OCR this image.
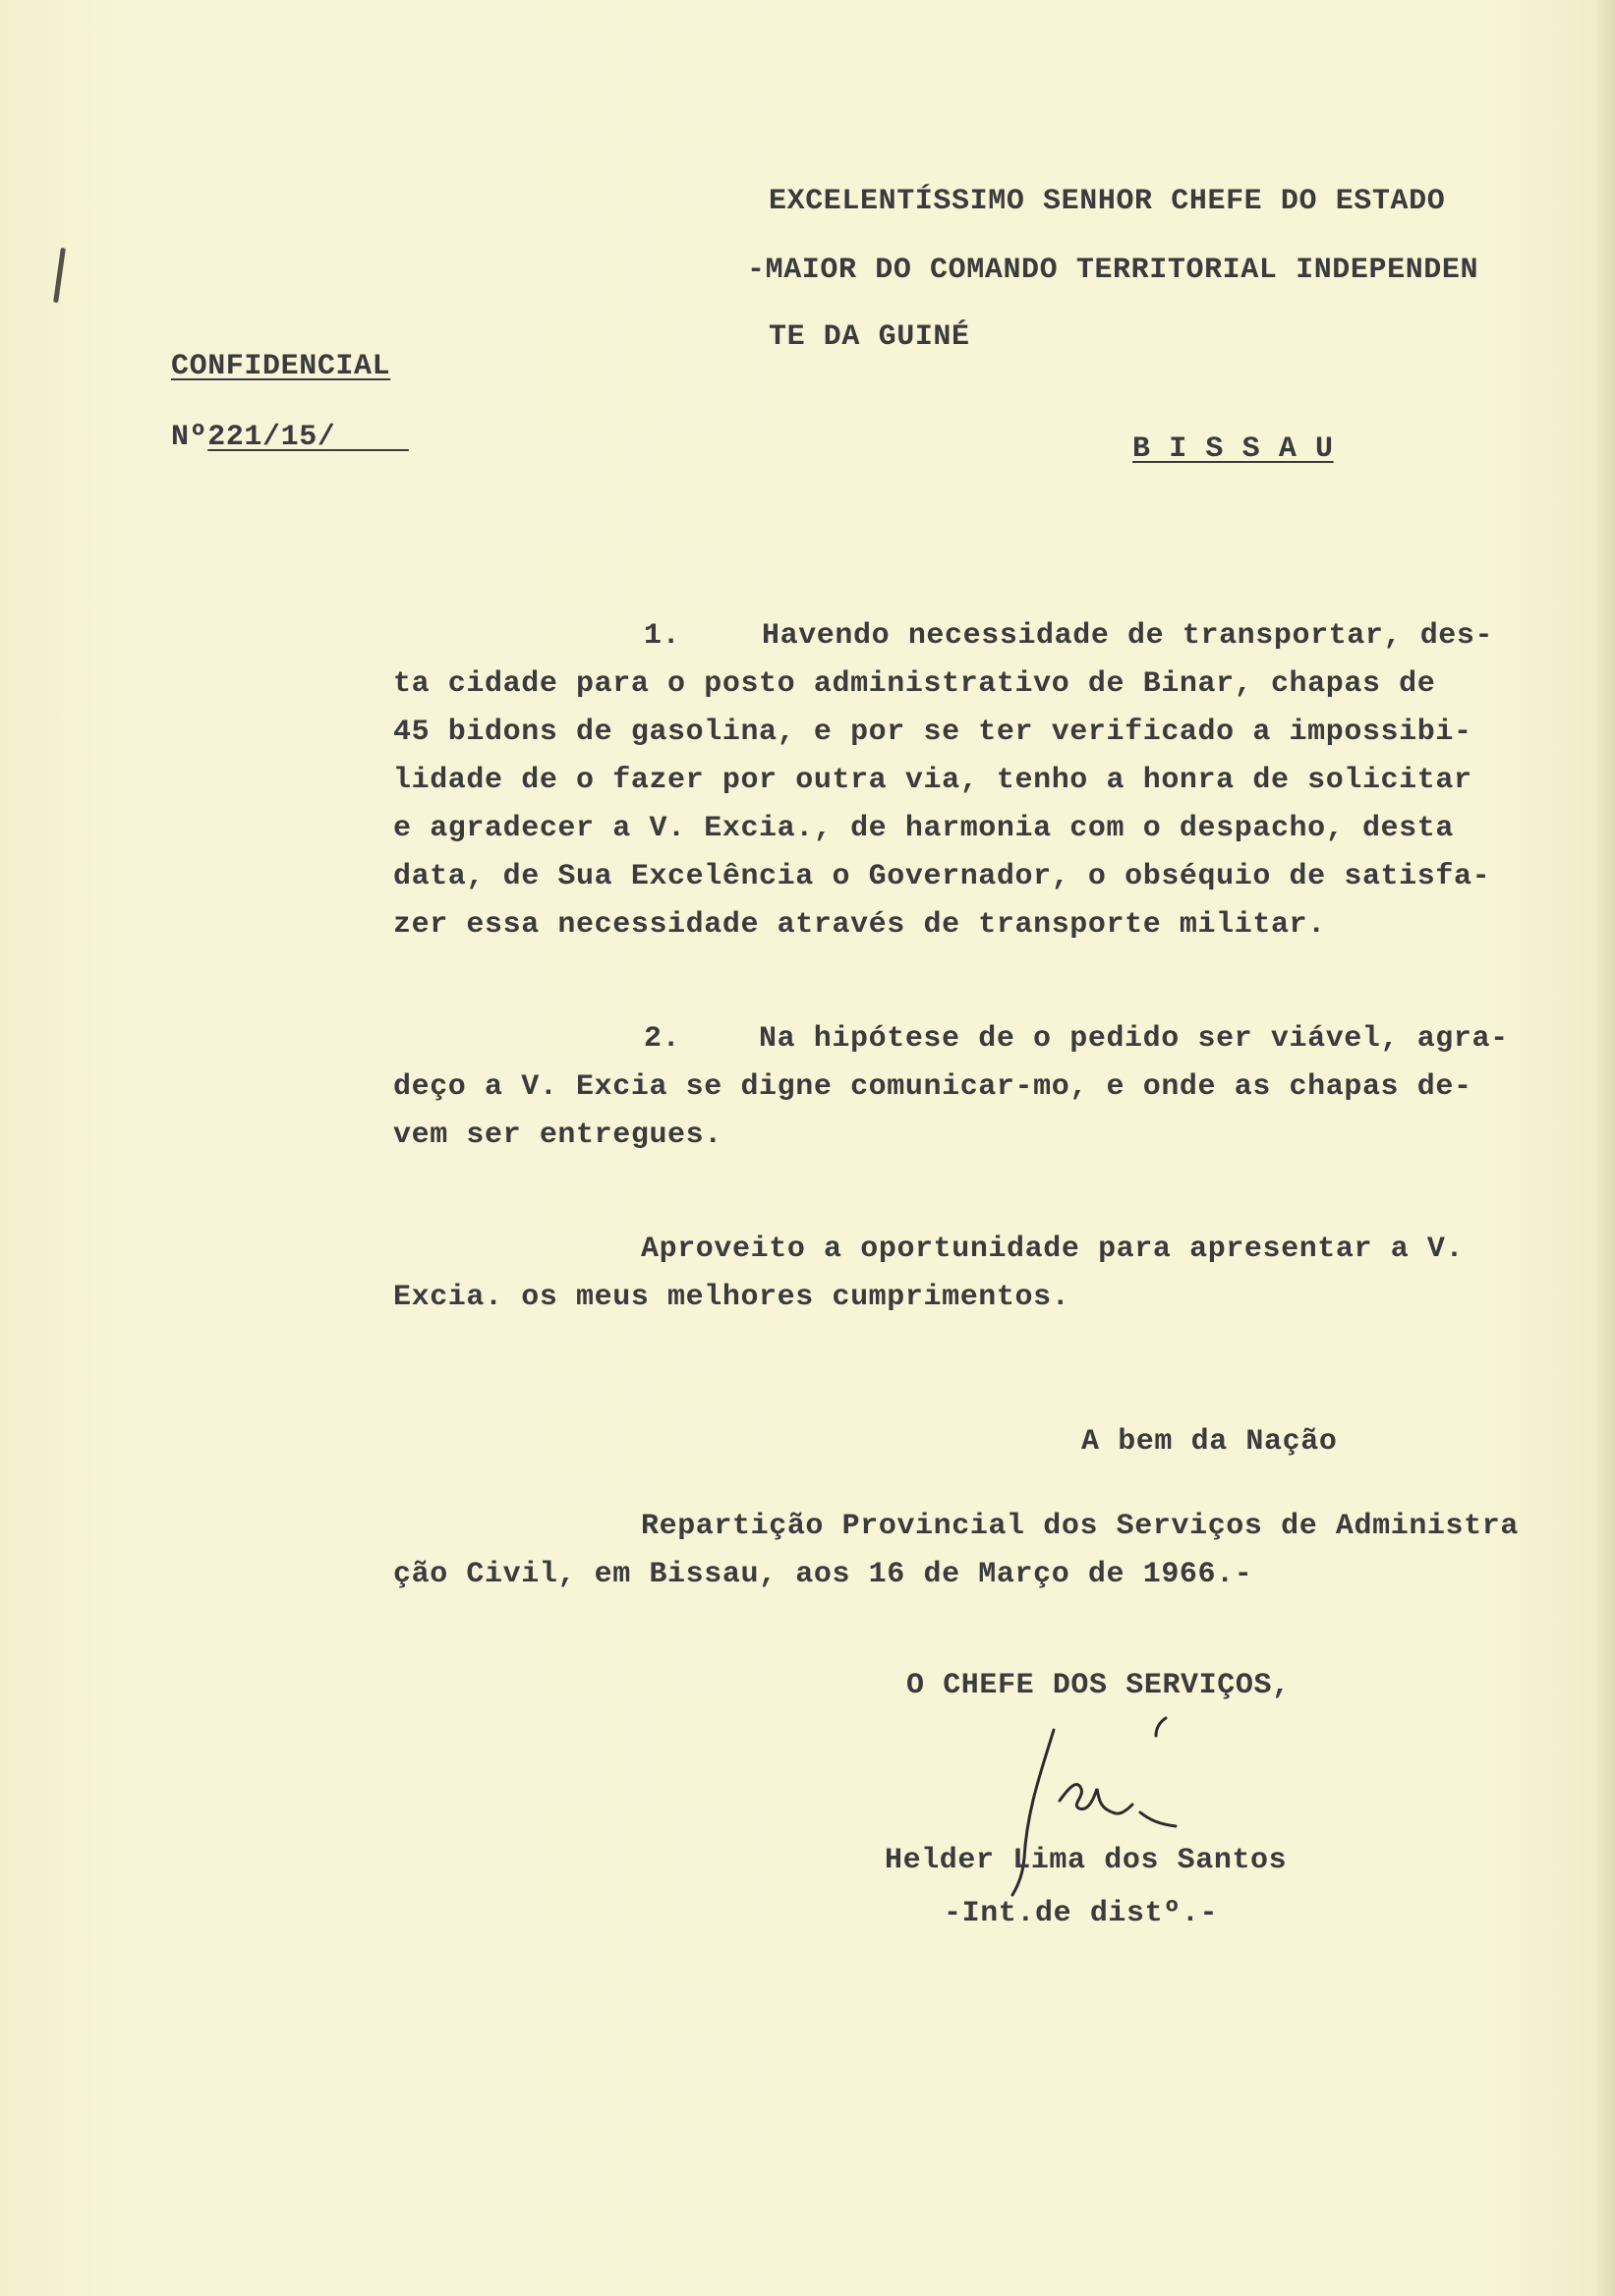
EXCELENTÍSSIMO SENHOR CHEFE DO ESTADO

-MAIOR DO COMANDO TERRITORIAL INDEPENDEN

TE DA GUINÉ

CONFIDENCIAL

Nº221/15/	B I S S A U

1.	Havendo necessidade de transportar, des-

ta cidade para o posto administrativo de Binar, chapas de

45 bidons de gasolina, e por se ter verificado a impossibi-

lidade de o fazer por outra via, tenho a honra de solicitar

e agradecer a V. Excia., de harmonia com o despacho, desta

data, de Sua Excelência o Governador, o obséquio de satisfa-

zer essa necessidade através de transporte militar.

2.	Na hipótese de o pedido ser viável, agra-

deço a V. Excia se digne comunicar-mo, e onde as chapas de-

vem ser entregues.

Aproveito a oportunidade para apresentar a V.

Excia. os meus melhores cumprimentos.

A bem da Nação

Repartição Provincial dos Serviços de Administra

ção Civil, em Bissau, aos 16 de Março de 1966.-

O CHEFE DOS SERVIÇOS,

Helder Lima dos Santos

-Int.de distº.-
